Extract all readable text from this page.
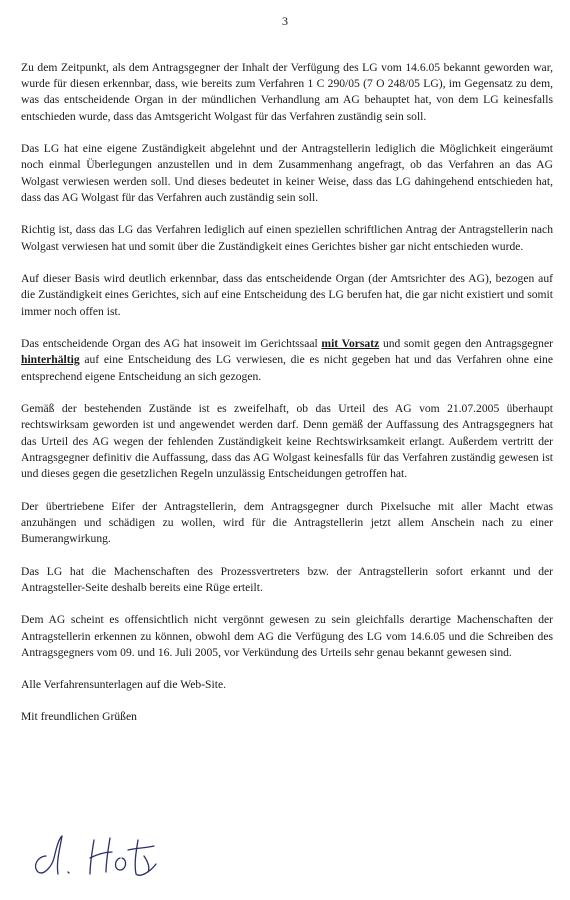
3

Zu dem Zeitpunkt, als dem Antragsgegner der Inhalt der Verfügung des LG vom 14.6.05 bekannt geworden war, wurde für diesen erkennbar, dass, wie bereits zum Verfahren 1 C 290/05 (7 O 248/05 LG), im Gegensatz zu dem, was das entscheidende Organ in der mündlichen Verhandlung am AG behauptet hat, von dem LG keinesfalls entschieden wurde, dass das Amtsgericht Wolgast für das Verfahren zuständig sein soll.

Das LG hat eine eigene Zuständigkeit abgelehnt und der Antragstellerin lediglich die Möglichkeit eingeräumt noch einmal Überlegungen anzustellen und in dem Zusammenhang angefragt, ob das Verfahren an das AG Wolgast verwiesen werden soll. Und dieses bedeutet in keiner Weise, dass das LG dahingehend entschieden hat, dass das AG Wolgast für das Verfahren auch zuständig sein soll.

Richtig ist, dass das LG das Verfahren lediglich auf einen speziellen schriftlichen Antrag der Antragstellerin nach Wolgast verwiesen hat und somit über die Zuständigkeit eines Gerichtes bisher gar nicht entschieden wurde.

Auf dieser Basis wird deutlich erkennbar, dass das entscheidende Organ (der Amtsrichter des AG), bezogen auf die Zuständigkeit eines Gerichtes, sich auf eine Entscheidung des LG berufen hat, die gar nicht existiert und somit immer noch offen ist.

Das entscheidende Organ des AG hat insoweit im Gerichtssaal mit Vorsatz und somit gegen den Antragsgegner hinterhältig auf eine Entscheidung des LG verwiesen, die es nicht gegeben hat und das Verfahren ohne eine entsprechend eigene Entscheidung an sich gezogen.

Gemäß der bestehenden Zustände ist es zweifelhaft, ob das Urteil des AG vom 21.07.2005 überhaupt rechtswirksam geworden ist und angewendet werden darf. Denn gemäß der Auffassung des Antragsgegners hat das Urteil des AG wegen der fehlenden Zuständigkeit keine Rechtswirksamkeit erlangt. Außerdem vertritt der Antragsgegner definitiv die Auffassung, dass das AG Wolgast keinesfalls für das Verfahren zuständig gewesen ist und dieses gegen die gesetzlichen Regeln unzulässig Entscheidungen getroffen hat.

Der übertriebene Eifer der Antragstellerin, dem Antragsgegner durch Pixelsuche mit aller Macht etwas anzuhängen und schädigen zu wollen, wird für die Antragstellerin jetzt allem Anschein nach zu einer Bumerangwirkung.

Das LG hat die Machenschaften des Prozessvertreters bzw. der Antragstellerin sofort erkannt und der Antragsteller-Seite deshalb bereits eine Rüge erteilt.

Dem AG scheint es offensichtlich nicht vergönnt gewesen zu sein gleichfalls derartige Machenschaften der Antragstellerin erkennen zu können, obwohl dem AG die Verfügung des LG vom 14.6.05 und die Schreiben des Antragsgegners vom 09. und 16. Juli 2005, vor Verkündung des Urteils sehr genau bekannt gewesen sind.

Alle Verfahrensunterlagen auf die Web-Site.

Mit freundlichen Grüßen
